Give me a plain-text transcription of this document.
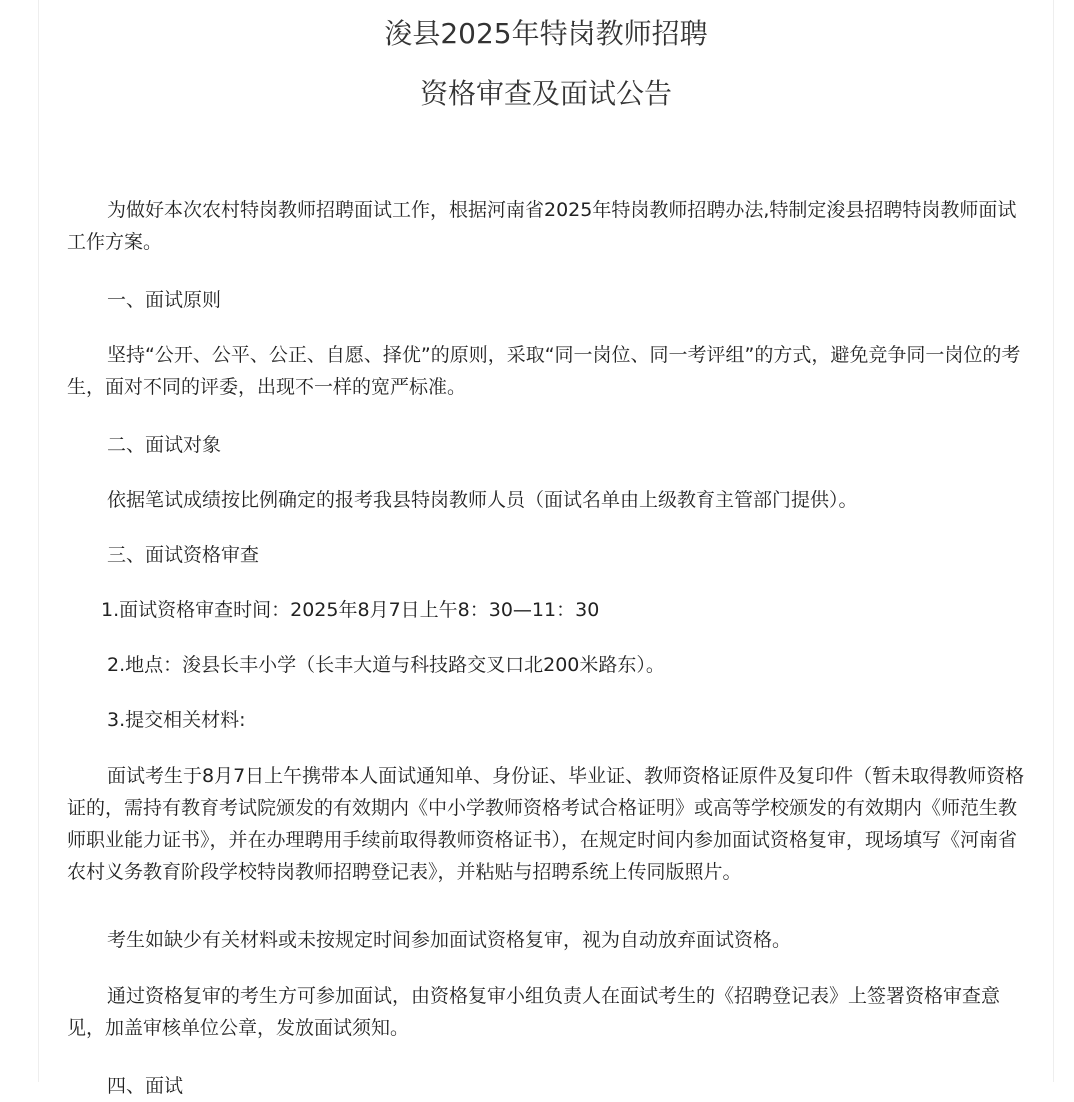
浚县2025年特岗教师招聘
资格审查及面试公告

为做好本次农村特岗教师招聘面试工作，根据河南省2025年特岗教师招聘办法,特制定浚县招聘特岗教师面试工作方案。

一、面试原则

坚持“公开、公平、公正、自愿、择优”的原则，采取“同一岗位、同一考评组”的方式，避免竞争同一岗位的考生，面对不同的评委，出现不一样的宽严标准。

二、面试对象

依据笔试成绩按比例确定的报考我县特岗教师人员（面试名单由上级教育主管部门提供）。

三、面试资格审查

1.面试资格审查时间：2025年8月7日上午8：30—11：30

2.地点：浚县长丰小学（长丰大道与科技路交叉口北200米路东）。

3.提交相关材料:

面试考生于8月7日上午携带本人面试通知单、身份证、毕业证、教师资格证原件及复印件（暂未取得教师资格证的，需持有教育考试院颁发的有效期内《中小学教师资格考试合格证明》或高等学校颁发的有效期内《师范生教师职业能力证书》，并在办理聘用手续前取得教师资格证书），在规定时间内参加面试资格复审，现场填写《河南省农村义务教育阶段学校特岗教师招聘登记表》，并粘贴与招聘系统上传同版照片。

考生如缺少有关材料或未按规定时间参加面试资格复审，视为自动放弃面试资格。

通过资格复审的考生方可参加面试，由资格复审小组负责人在面试考生的《招聘登记表》上签署资格审查意见，加盖审核单位公章，发放面试须知。

四、面试
